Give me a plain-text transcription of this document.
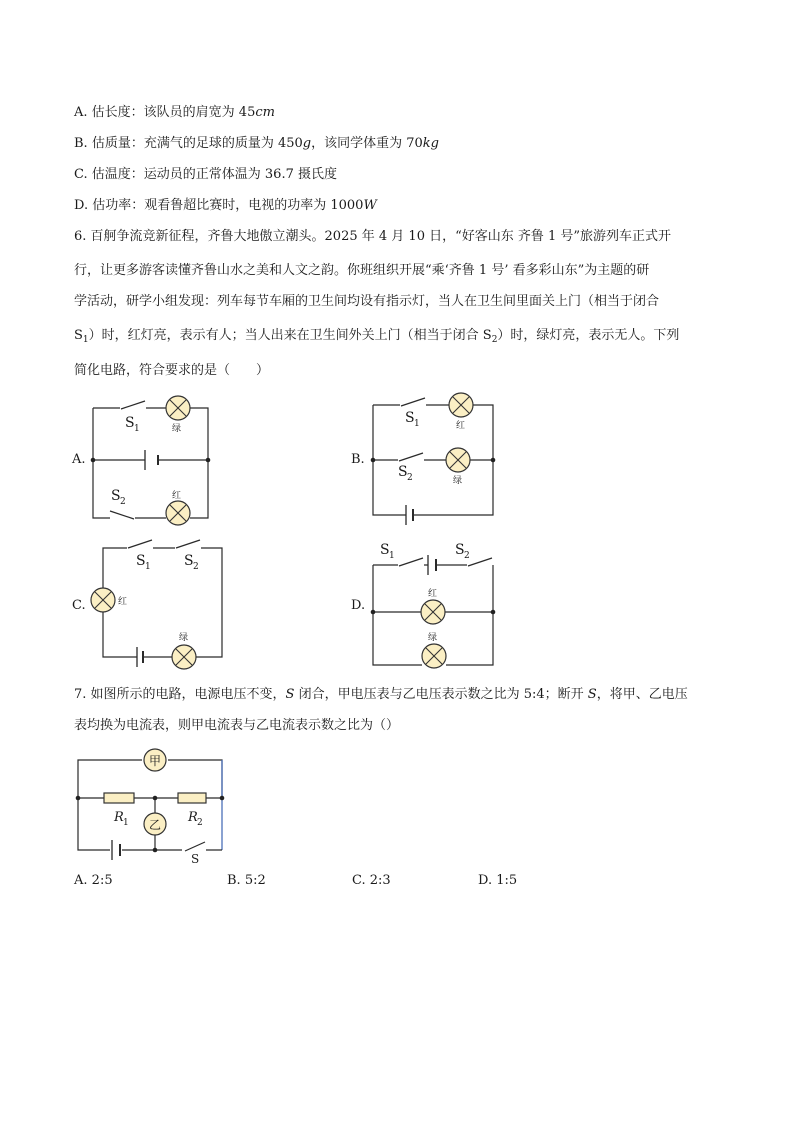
A. 估长度：该队员的肩宽为 45cm
B. 估质量：充满气的足球的质量为 450g，该同学体重为 70kg
C. 估温度：运动员的正常体温为 36.7 摄氏度
D. 估功率：观看鲁超比赛时，电视的功率为 1000W
6. 百舸争流竞新征程，齐鲁大地傲立潮头。2025 年 4 月 10 日，“好客山东 齐鲁 1 号”旅游列车正式开
行，让更多游客读懂齐鲁山水之美和人文之韵。你班组织开展“乘‘齐鲁 1 号’ 看多彩山东”为主题的研
学活动，研学小组发现：列车每节车厢的卫生间均设有指示灯，当人在卫生间里面关上门（相当于闭合
$S_1$）时，红灯亮，表示有人；当人出来在卫生间外关上门（相当于闭合 $S_2$）时，绿灯亮，表示无人。下列
简化电路，符合要求的是（　　）
A.
S 1	绿
S 2
红
B.
S 1	红
S 2	绿
C.
S 1 S 2
红
绿
D.
S 1	S 2
红
绿
7. 如图所示的电路，电源电压不变，S 闭合，甲电压表与乙电压表示数之比为 5:4；断开 S，将甲、乙电压
表均换为电流表，则甲电流表与乙电流表示数之比为（）
甲
乙
R 1	R 2
S
A. 2:5	B. 5:2	C. 2:3	D. 1:5
